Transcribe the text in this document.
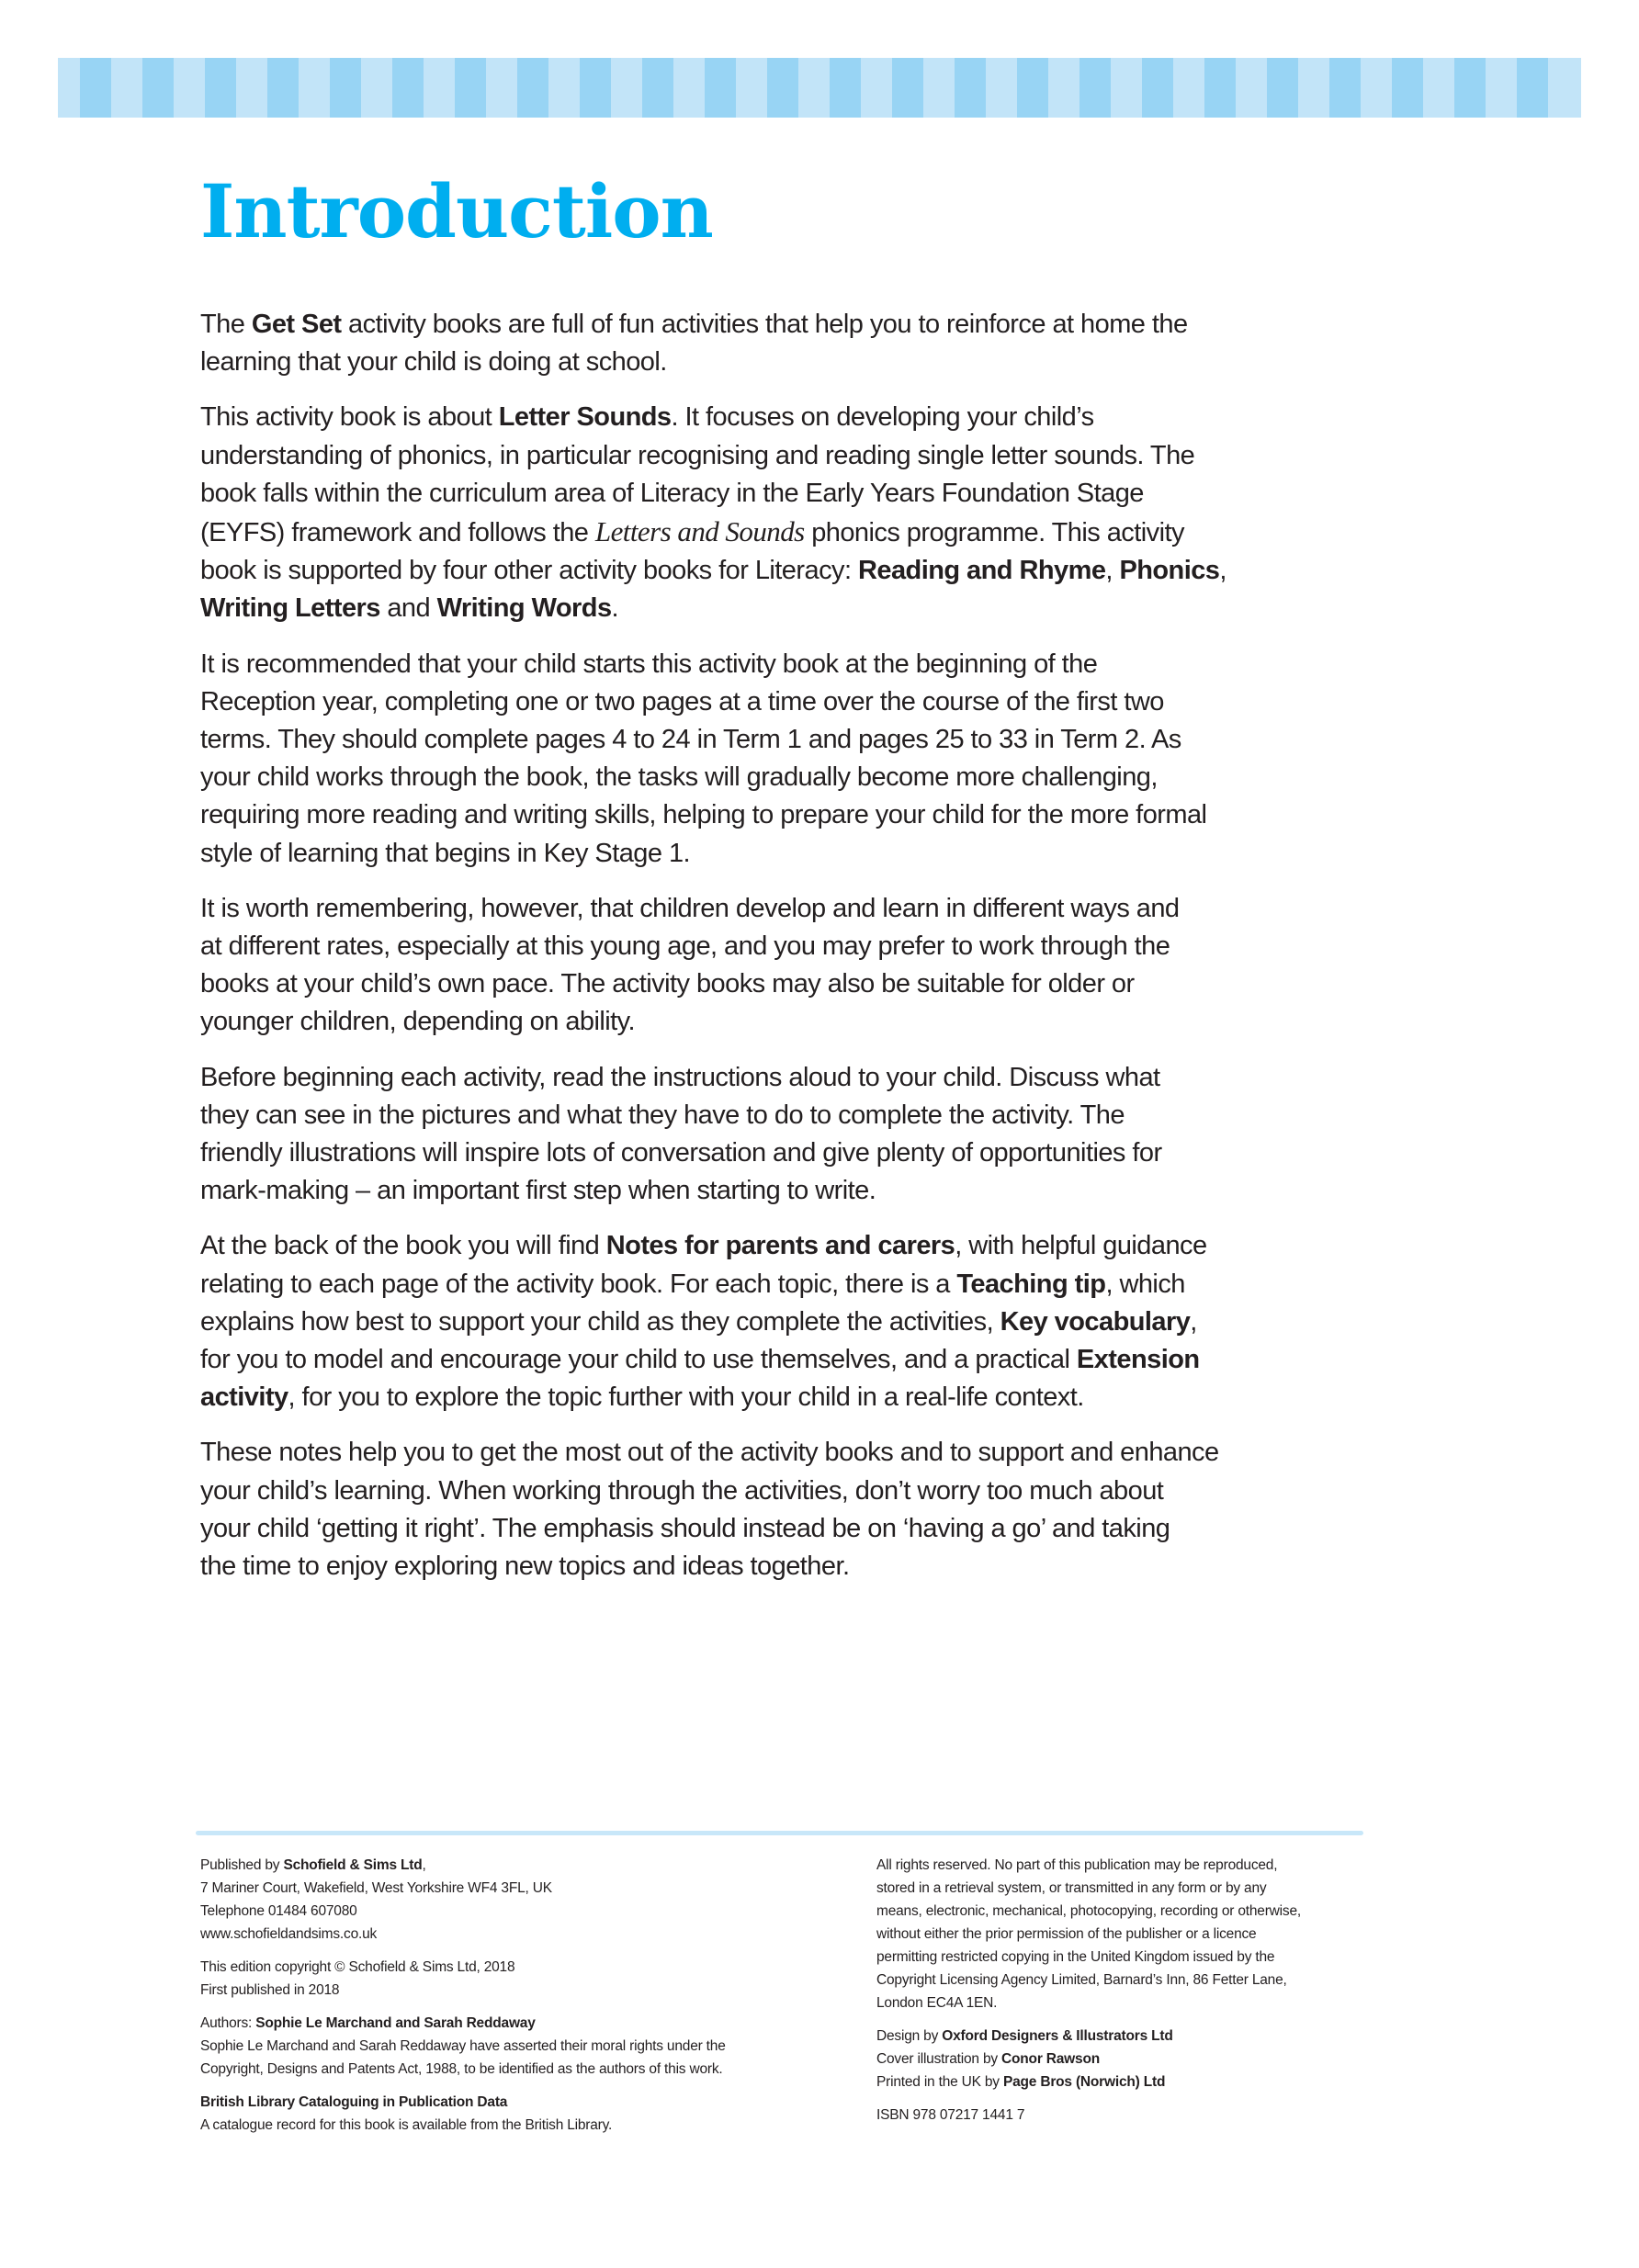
Introduction

The Get Set activity books are full of fun activities that help you to reinforce at home the
learning that your child is doing at school.

This activity book is about Letter Sounds. It focuses on developing your child’s
understanding of phonics, in particular recognising and reading single letter sounds. The
book falls within the curriculum area of Literacy in the Early Years Foundation Stage
(EYFS) framework and follows the Letters and Sounds phonics programme. This activity
book is supported by four other activity books for Literacy: Reading and Rhyme, Phonics,
Writing Letters and Writing Words.

It is recommended that your child starts this activity book at the beginning of the
Reception year, completing one or two pages at a time over the course of the first two
terms. They should complete pages 4 to 24 in Term 1 and pages 25 to 33 in Term 2. As
your child works through the book, the tasks will gradually become more challenging,
requiring more reading and writing skills, helping to prepare your child for the more formal
style of learning that begins in Key Stage 1.

It is worth remembering, however, that children develop and learn in different ways and
at different rates, especially at this young age, and you may prefer to work through the
books at your child’s own pace. The activity books may also be suitable for older or
younger children, depending on ability.

Before beginning each activity, read the instructions aloud to your child. Discuss what
they can see in the pictures and what they have to do to complete the activity. The
friendly illustrations will inspire lots of conversation and give plenty of opportunities for
mark-making – an important first step when starting to write.

At the back of the book you will find Notes for parents and carers, with helpful guidance
relating to each page of the activity book. For each topic, there is a Teaching tip, which
explains how best to support your child as they complete the activities, Key vocabulary,
for you to model and encourage your child to use themselves, and a practical Extension
activity, for you to explore the topic further with your child in a real-life context.

These notes help you to get the most out of the activity books and to support and enhance
your child’s learning. When working through the activities, don’t worry too much about
your child ‘getting it right’. The emphasis should instead be on ‘having a go’ and taking
the time to enjoy exploring new topics and ideas together.

Published by Schofield & Sims Ltd,
7 Mariner Court, Wakefield, West Yorkshire WF4 3FL, UK
Telephone 01484 607080
www.schofieldandsims.co.uk
This edition copyright © Schofield & Sims Ltd, 2018
First published in 2018
Authors: Sophie Le Marchand and Sarah Reddaway
Sophie Le Marchand and Sarah Reddaway have asserted their moral rights under the
Copyright, Designs and Patents Act, 1988, to be identified as the authors of this work.
British Library Cataloguing in Publication Data
A catalogue record for this book is available from the British Library.
All rights reserved. No part of this publication may be reproduced,
stored in a retrieval system, or transmitted in any form or by any
means, electronic, mechanical, photocopying, recording or otherwise,
without either the prior permission of the publisher or a licence
permitting restricted copying in the United Kingdom issued by the
Copyright Licensing Agency Limited, Barnard’s Inn, 86 Fetter Lane,
London EC4A 1EN.
Design by Oxford Designers & Illustrators Ltd
Cover illustration by Conor Rawson
Printed in the UK by Page Bros (Norwich) Ltd
ISBN 978 07217 1441 7
